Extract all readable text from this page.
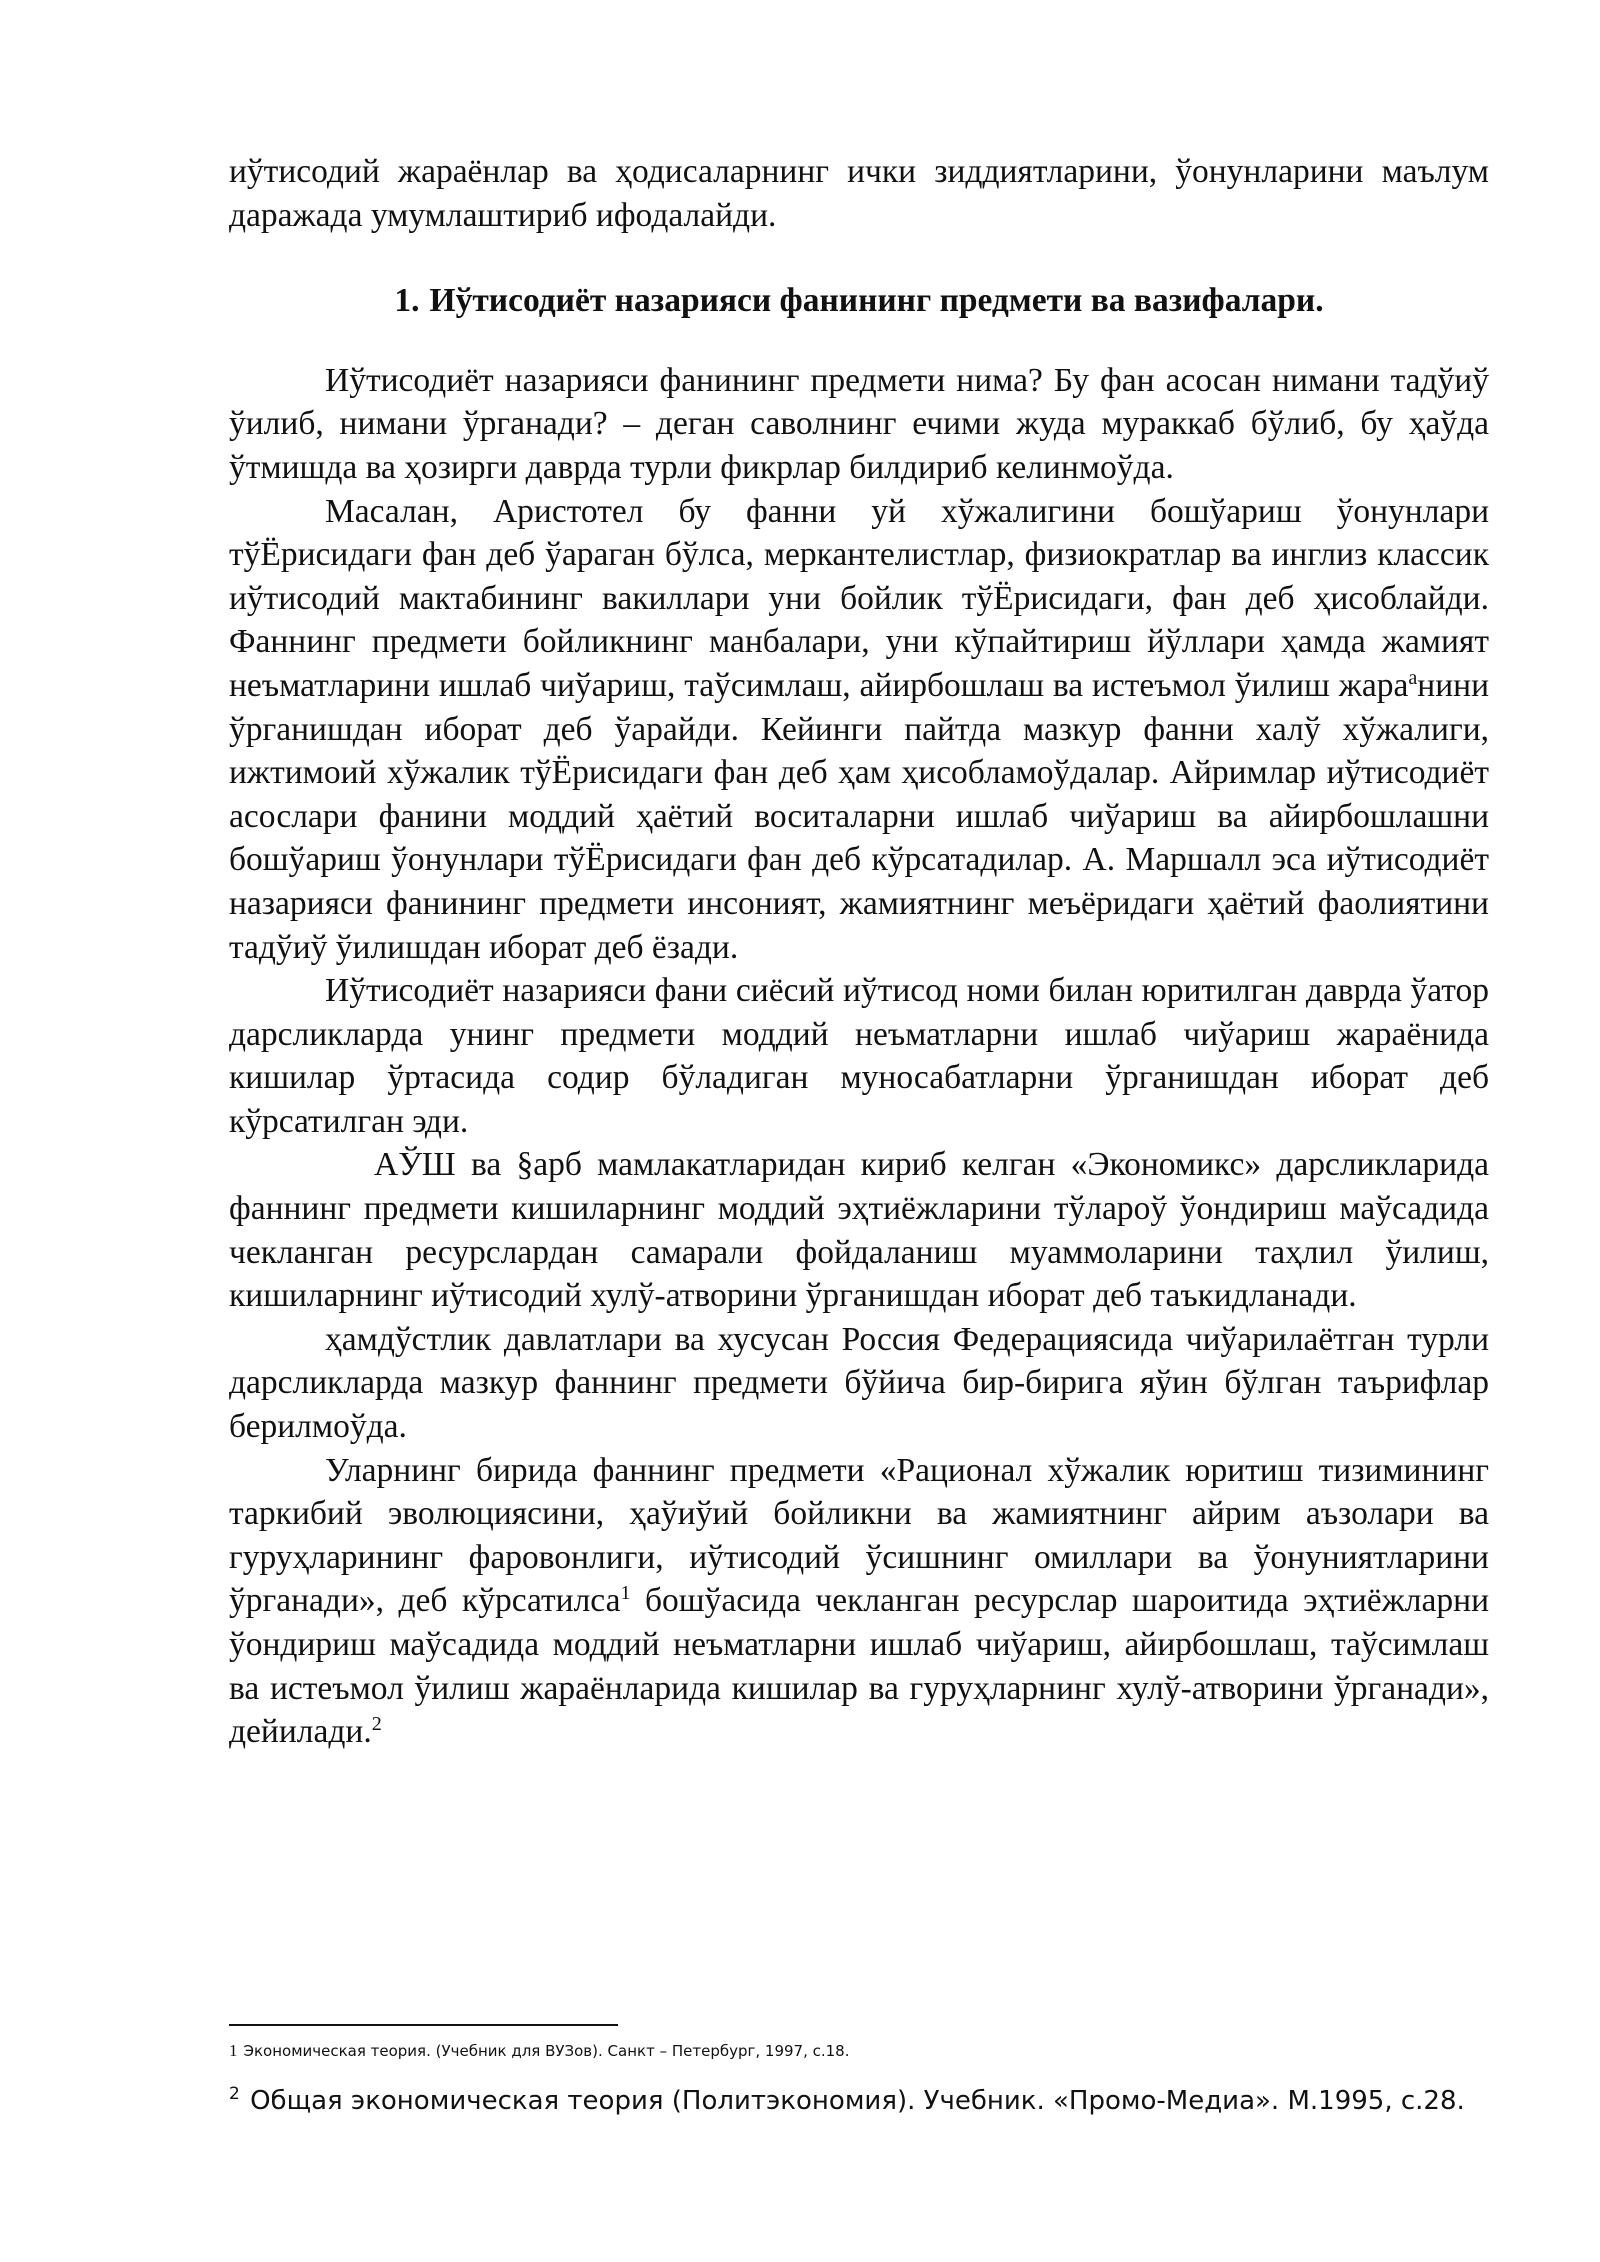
иўтисодий жараёнлар ва ҳодисаларнинг ички зиддиятларини, ўонунларини маълум даражада умумлаштириб ифодалайди.

1. Иўтисодиёт назарияси фанининг предмети ва вазифалари.

Иўтисодиёт назарияси фанининг предмети нима? Бу фан асосан нимани тадўиў ўилиб, нимани ўрганади? – деган саволнинг ечими жуда мураккаб бўлиб, бу ҳаўда ўтмишда ва ҳозирги даврда турли фикрлар билдириб келинмоўда.

Масалан, Аристотел бу фанни уй хўжалигини бошўариш ўонунлари тўЁрисидаги фан деб ўараган бўлса, меркантелистлар, физиократлар ва инглиз классик иўтисодий мактабининг вакиллари уни бойлик тўЁрисидаги, фан деб ҳисоблайди. Фаннинг предмети бойликнинг манбалари, уни кўпайтириш йўллари ҳамда жамият неъматларини ишлаб чиўариш, таўсимлаш, айирбошлаш ва истеъмол ўилиш жара$^a$нини ўрганишдан иборат деб ўарайди. Кейинги пайтда мазкур фанни халў хўжалиги, ижтимоий хўжалик тўЁрисидаги фан деб ҳам ҳисобламоўдалар. Айримлар иўтисодиёт асослари фанини моддий ҳаётий воситаларни ишлаб чиўариш ва айирбошлашни бошўариш ўонунлари тўЁрисидаги фан деб кўрсатадилар. А. Маршалл эса иўтисодиёт назарияси фанининг предмети инсоният, жамиятнинг меъёридаги ҳаётий фаолиятини тадўиў ўилишдан иборат деб ёзади.

Иўтисодиёт назарияси фани сиёсий иўтисод номи билан юритилган даврда ўатор дарсликларда унинг предмети моддий неъматларни ишлаб чиўариш жараёнида кишилар ўртасида содир бўладиган муносабатларни ўрганишдан иборат деб кўрсатилган эди.

АЎШ ва §арб мамлакатларидан кириб келган «Экономикс» дарсликларида фаннинг предмети кишиларнинг моддий эҳтиёжларини тўлароў ўондириш маўсадида чекланган ресурслардан самарали фойдаланиш муаммоларини таҳлил ўилиш, кишиларнинг иўтисодий хулў-атворини ўрганишдан иборат деб таъкидланади.

ҳамдўстлик давлатлари ва хусусан Россия Федерациясида чиўарилаётган турли дарсликларда мазкур фаннинг предмети бўйича бир-бирига яўин бўлган таърифлар берилмоўда.

Уларнинг бирида фаннинг предмети «Рационал хўжалик юритиш тизимининг таркибий эволюциясини, ҳаўиўий бойликни ва жамиятнинг айрим аъзолари ва гуруҳларининг фаровонлиги, иўтисодий ўсишнинг омиллари ва ўонуниятларини ўрганади», деб кўрсатилса$^1$ бошўасида чекланган ресурслар шароитида эҳтиёжларни ўондириш маўсадида моддий неъматларни ишлаб чиўариш, айирбошлаш, таўсимлаш ва истеъмол ўилиш жараёнларида кишилар ва гуруҳларнинг хулў-атворини ўрганади», дейилади.$^2$

1 Экономическая теория. (Учебник для ВУЗов). Санкт – Петербург, 1997, с.18.

$^2$ Общая экономическая теория (Политэкономия). Учебник. «Промо-Медиа». М.1995, с.28.
